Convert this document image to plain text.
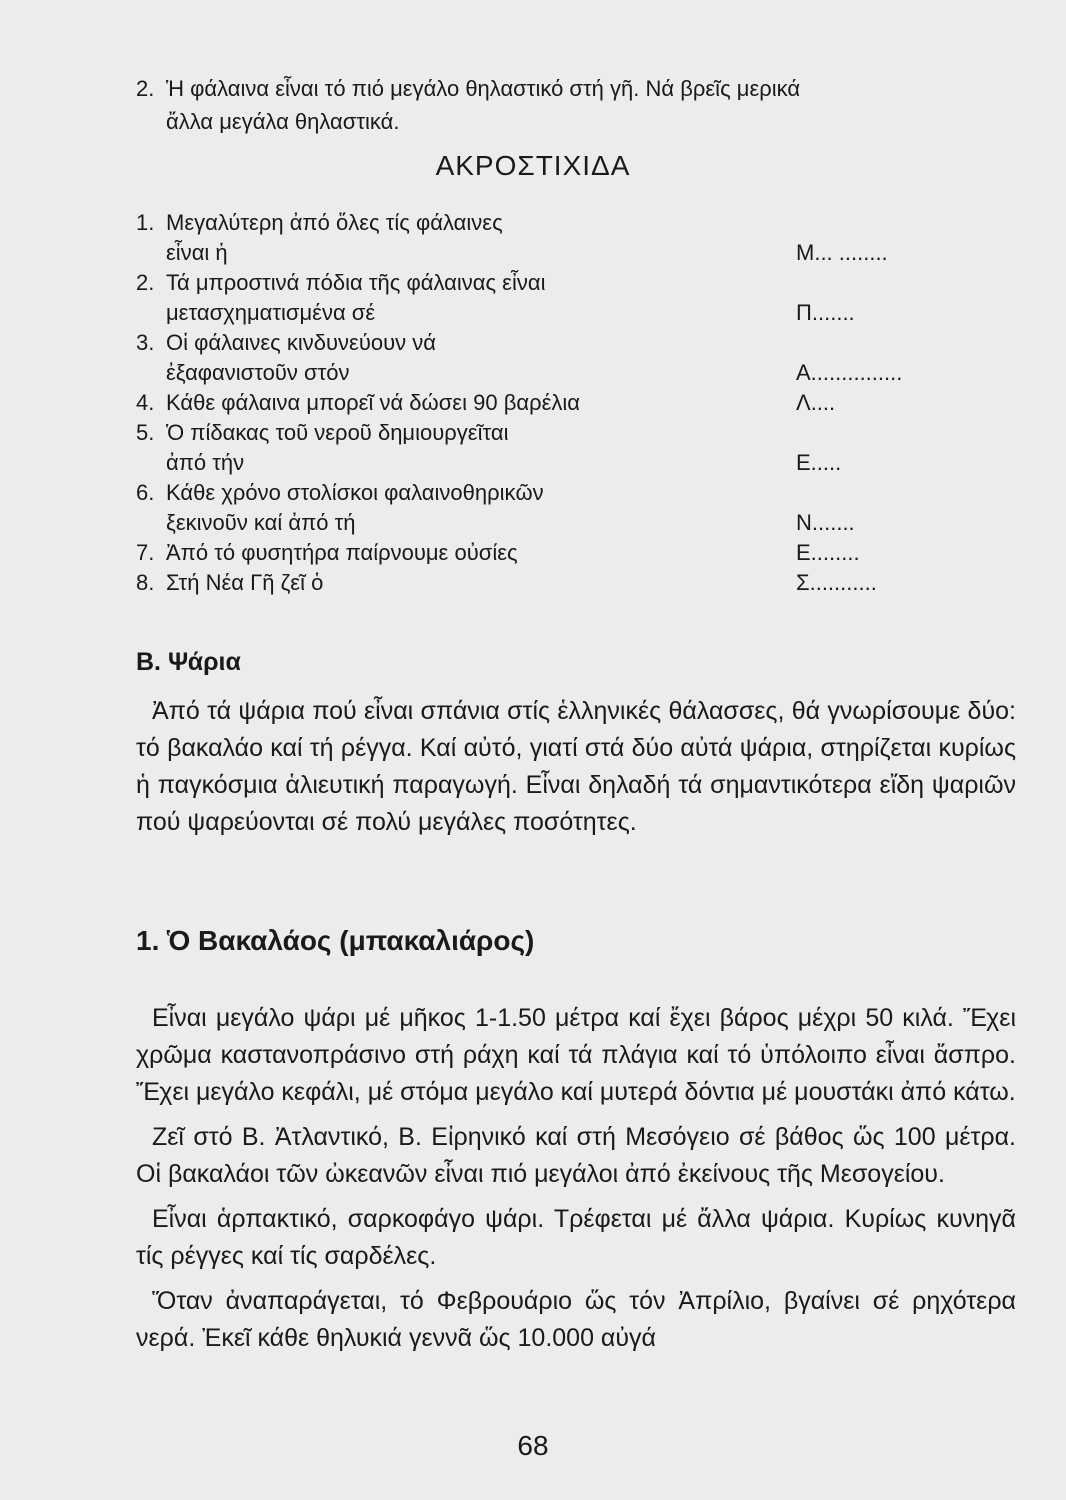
2. Ἡ φάλαινα εἶναι τό πιό μεγάλο θηλαστικό στή γῆ. Νά βρεῖς μερικά
ἄλλα μεγάλα θηλαστικά.
ΑΚΡΟΣΤΙΧΙΔΑ
1. Μεγαλύτερη ἀπό ὅλες τίς φάλαινες
εἶναι ἡ	Μ... ........
2. Τά μπροστινά πόδια τῆς φάλαινας εἶναι
μετασχηματισμένα σέ	Π.......
3. Οἱ φάλαινες κινδυνεύουν νά
ἐξαφανιστοῦν στόν	Α...............
4. Κάθε φάλαινα μπορεῖ νά δώσει 90 βαρέλια	Λ....
5. Ὁ πίδακας τοῦ νεροῦ δημιουργεῖται
ἀπό τήν	Ε.....
6. Κάθε χρόνο στολίσκοι φαλαινοθηρικῶν
ξεκινοῦν καί ἀπό τή	Ν.......
7. Ἀπό τό φυσητήρα παίρνουμε οὐσίες	Ε........
8. Στή Νέα Γῆ ζεῖ ὁ	Σ...........
Β. Ψάρια

Ἀπό τά ψάρια πού εἶναι σπάνια στίς ἑλληνικές θάλασσες, θά γνωρίσουμε δύο: τό βακαλάο καί τή ρέγγα. Καί αὐτό, γιατί στά δύο αὐτά ψάρια, στηρίζεται κυρίως ἡ παγκόσμια ἁλιευτική παραγωγή. Εἶναι δηλαδή τά σημαντικότερα εἴδη ψαριῶν πού ψαρεύονται σέ πολύ μεγάλες ποσότητες.

1. Ὁ Βακαλάος (μπακαλιάρος)

Εἶναι μεγάλο ψάρι μέ μῆκος 1-1.50 μέτρα καί ἔχει βάρος μέχρι 50 κιλά. Ἔχει χρῶμα καστανοπράσινο στή ράχη καί τά πλάγια καί τό ὑπόλοιπο εἶναι ἄσπρο. Ἔχει μεγάλο κεφάλι, μέ στόμα μεγάλο καί μυτερά δόντια μέ μουστάκι ἀπό κάτω.

Ζεῖ στό Β. Ἀτλαντικό, Β. Εἰρηνικό καί στή Μεσόγειο σέ βάθος ὥς 100 μέτρα. Οἱ βακαλάοι τῶν ὠκεανῶν εἶναι πιό μεγάλοι ἀπό ἐκείνους τῆς Μεσογείου.

Εἶναι ἁρπακτικό, σαρκοφάγο ψάρι. Τρέφεται μέ ἄλλα ψάρια. Κυρίως κυνηγᾶ τίς ρέγγες καί τίς σαρδέλες.

Ὅταν ἀναπαράγεται, τό Φεβρουάριο ὥς τόν Ἀπρίλιο, βγαίνει σέ ρηχότερα νερά. Ἐκεῖ κάθε θηλυκιά γεννᾶ ὥς 10.000 αὐγά

68
